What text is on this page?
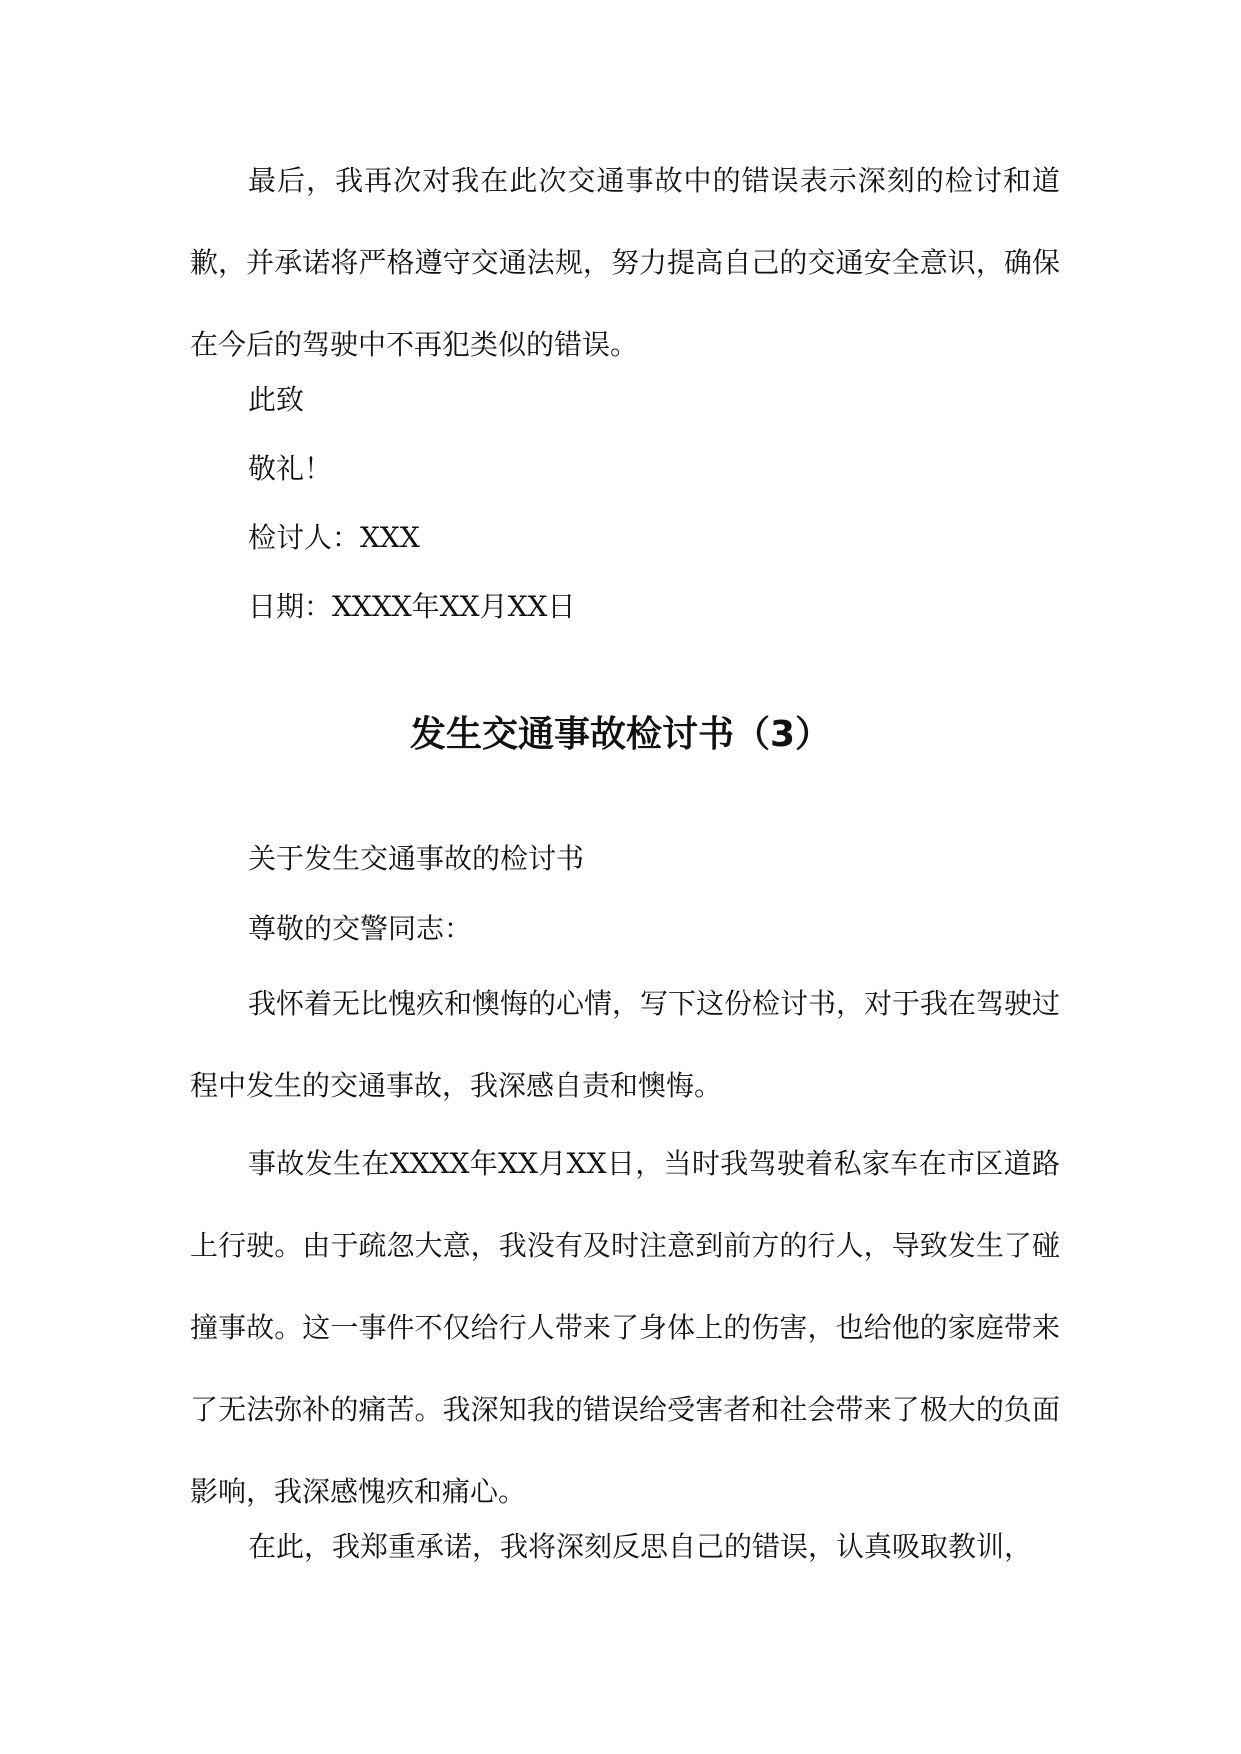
最后，我再次对我在此次交通事故中的错误表示深刻的检讨和道歉，并承诺将严格遵守交通法规，努力提高自己的交通安全意识，确保在今后的驾驶中不再犯类似的错误。

此致

敬礼！

检讨人：XXX

日期：XXXX年XX月XX日

发生交通事故检讨书（3）

关于发生交通事故的检讨书

尊敬的交警同志：

我怀着无比愧疚和懊悔的心情，写下这份检讨书，对于我在驾驶过程中发生的交通事故，我深感自责和懊悔。

事故发生在XXXX年XX月XX日，当时我驾驶着私家车在市区道路上行驶。由于疏忽大意，我没有及时注意到前方的行人，导致发生了碰撞事故。这一事件不仅给行人带来了身体上的伤害，也给他的家庭带来了无法弥补的痛苦。我深知我的错误给受害者和社会带来了极大的负面影响，我深感愧疚和痛心。

在此，我郑重承诺，我将深刻反思自己的错误，认真吸取教训，
